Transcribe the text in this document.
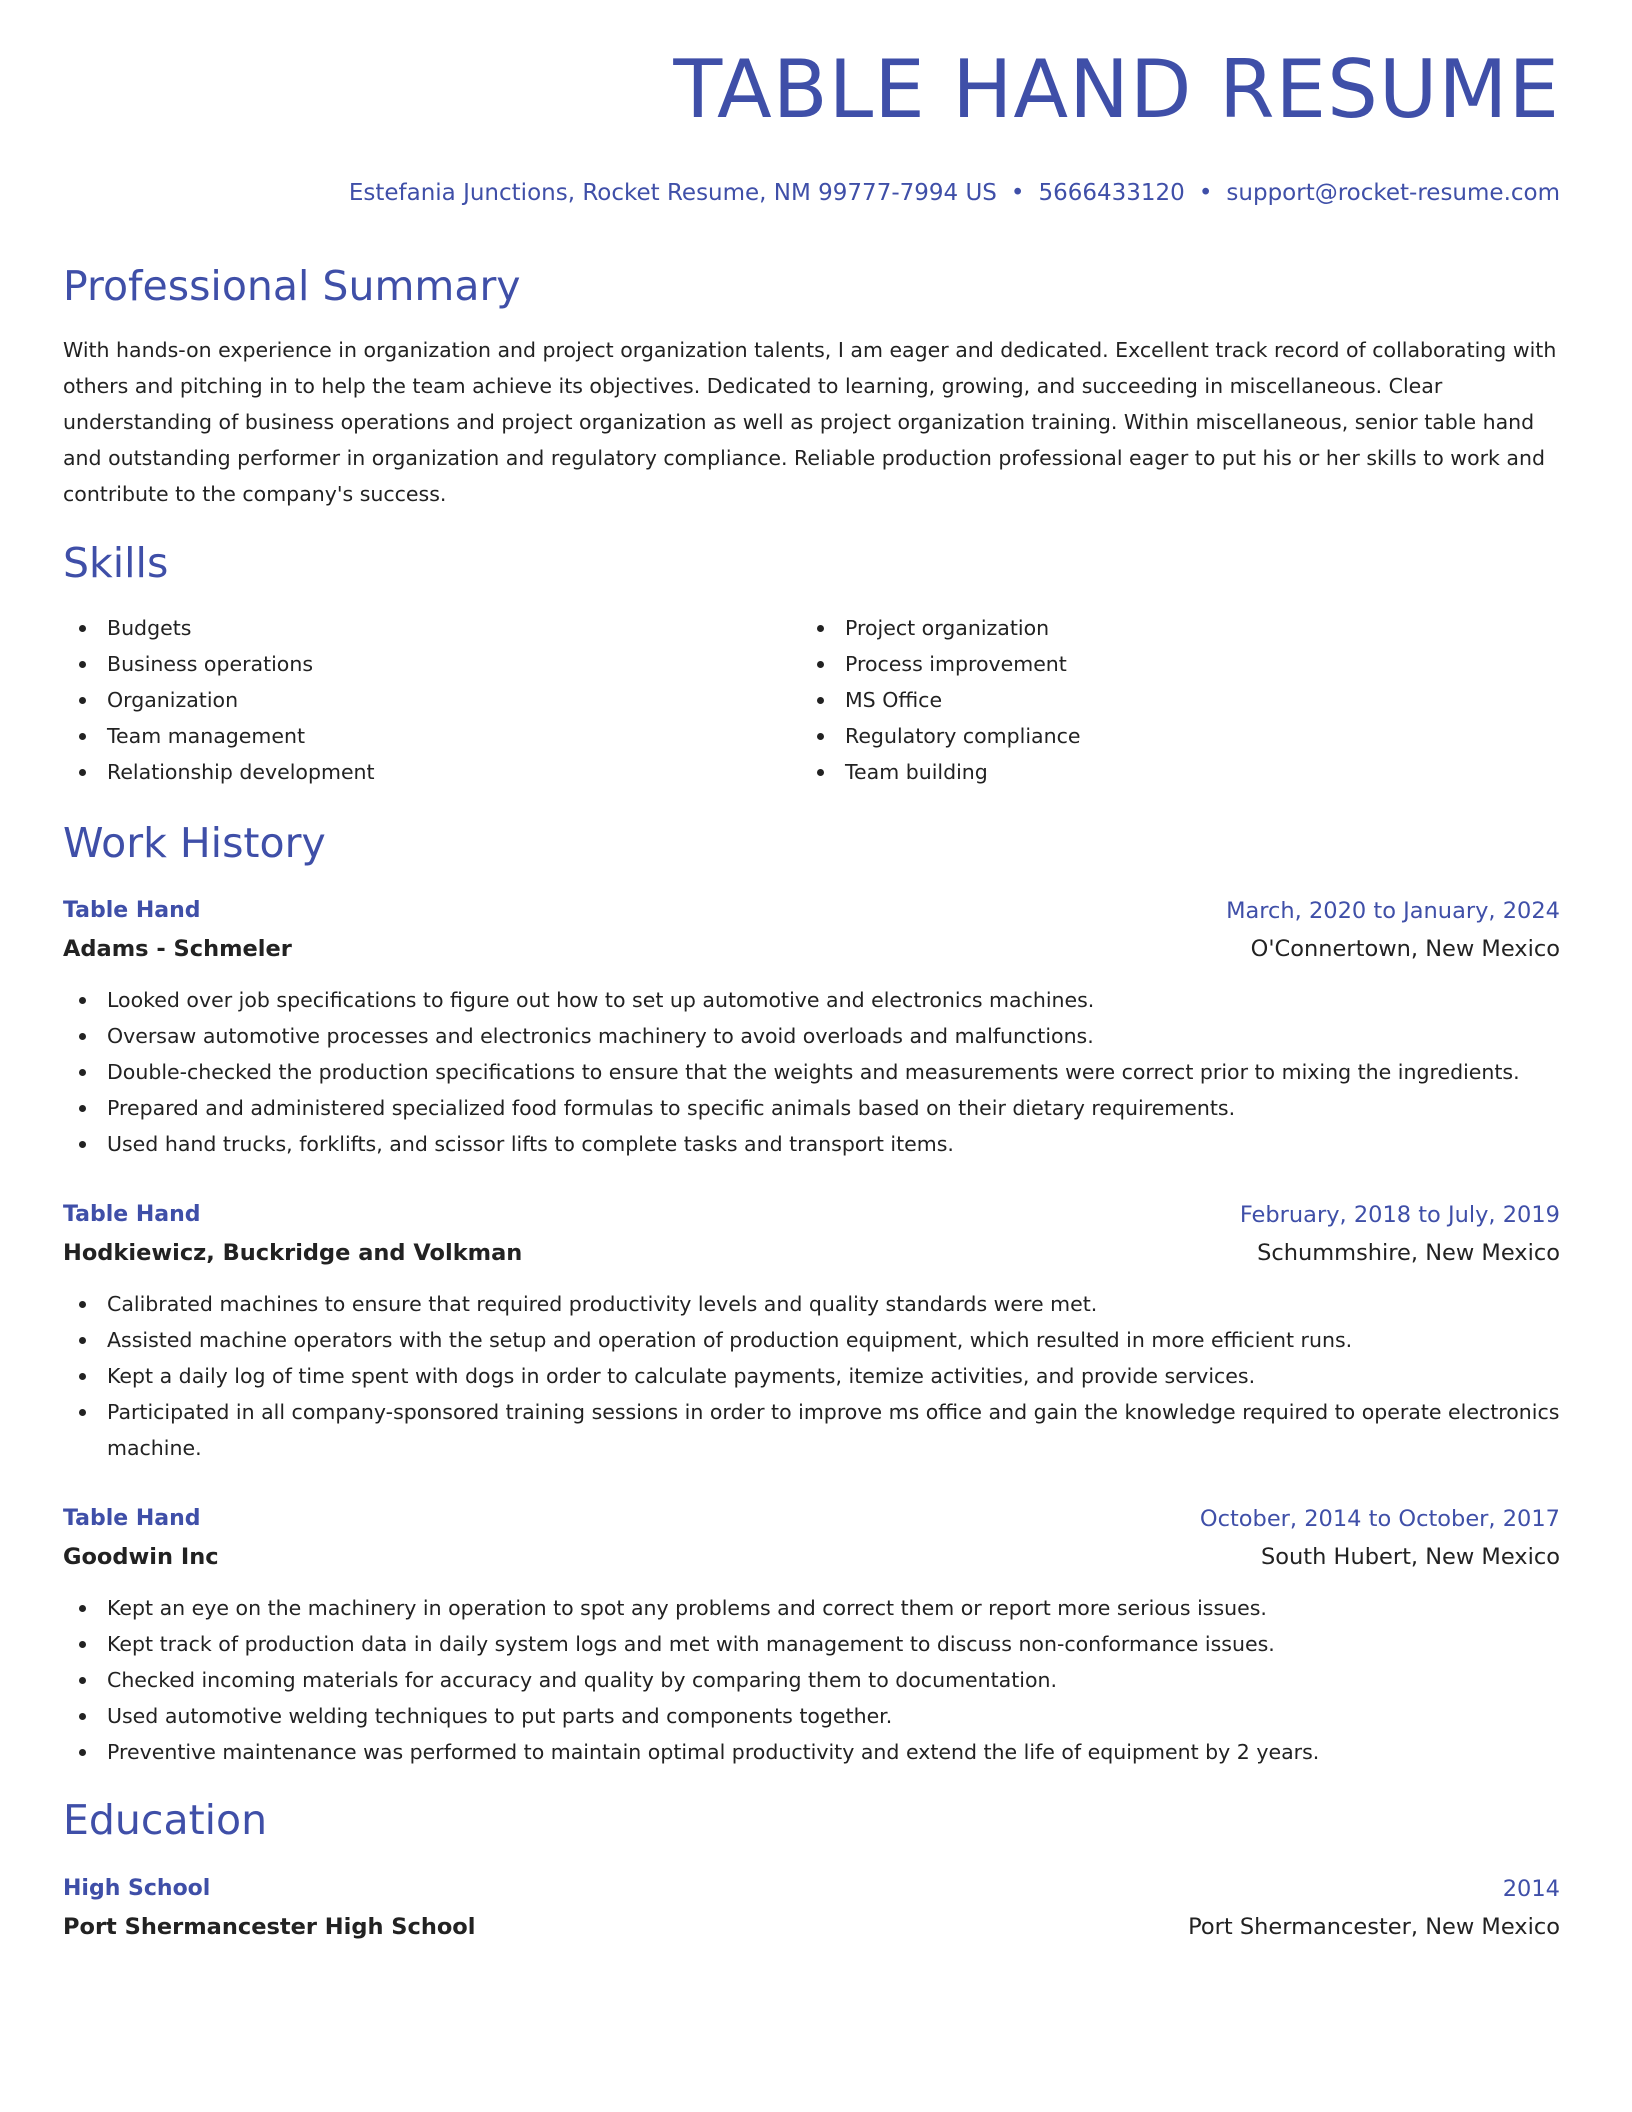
TABLE HAND RESUME
Estefania Junctions, Rocket Resume, NM 99777-7994 US • 5666433120 • support@rocket-resume.com
Professional Summary

With hands-on experience in organization and project organization talents, I am eager and dedicated. Excellent track record of collaborating with others and pitching in to help the team achieve its objectives. Dedicated to learning, growing, and succeeding in miscellaneous. Clear understanding of business operations and project organization as well as project organization training. Within miscellaneous, senior table hand and outstanding performer in organization and regulatory compliance. Reliable production professional eager to put his or her skills to work and contribute to the company's success.

Skills
Budgets
Business operations
Organization
Team management
Relationship development
Project organization
Process improvement
MS Office
Regulatory compliance
Team building
Work History
Table Hand	March, 2020 to January, 2024
Adams - Schmeler	O'Connertown, New Mexico
Looked over job specifications to figure out how to set up automotive and electronics machines.
Oversaw automotive processes and electronics machinery to avoid overloads and malfunctions.
Double-checked the production specifications to ensure that the weights and measurements were correct prior to mixing the ingredients.
Prepared and administered specialized food formulas to specific animals based on their dietary requirements.
Used hand trucks, forklifts, and scissor lifts to complete tasks and transport items.
Table Hand	February, 2018 to July, 2019
Hodkiewicz, Buckridge and Volkman	Schummshire, New Mexico
Calibrated machines to ensure that required productivity levels and quality standards were met.
Assisted machine operators with the setup and operation of production equipment, which resulted in more efficient runs.
Kept a daily log of time spent with dogs in order to calculate payments, itemize activities, and provide services.
Participated in all company-sponsored training sessions in order to improve ms office and gain the knowledge required to operate electronics machine.
Table Hand	October, 2014 to October, 2017
Goodwin Inc	South Hubert, New Mexico
Kept an eye on the machinery in operation to spot any problems and correct them or report more serious issues.
Kept track of production data in daily system logs and met with management to discuss non-conformance issues.
Checked incoming materials for accuracy and quality by comparing them to documentation.
Used automotive welding techniques to put parts and components together.
Preventive maintenance was performed to maintain optimal productivity and extend the life of equipment by 2 years.
Education
High School	2014
Port Shermancester High School	Port Shermancester, New Mexico
